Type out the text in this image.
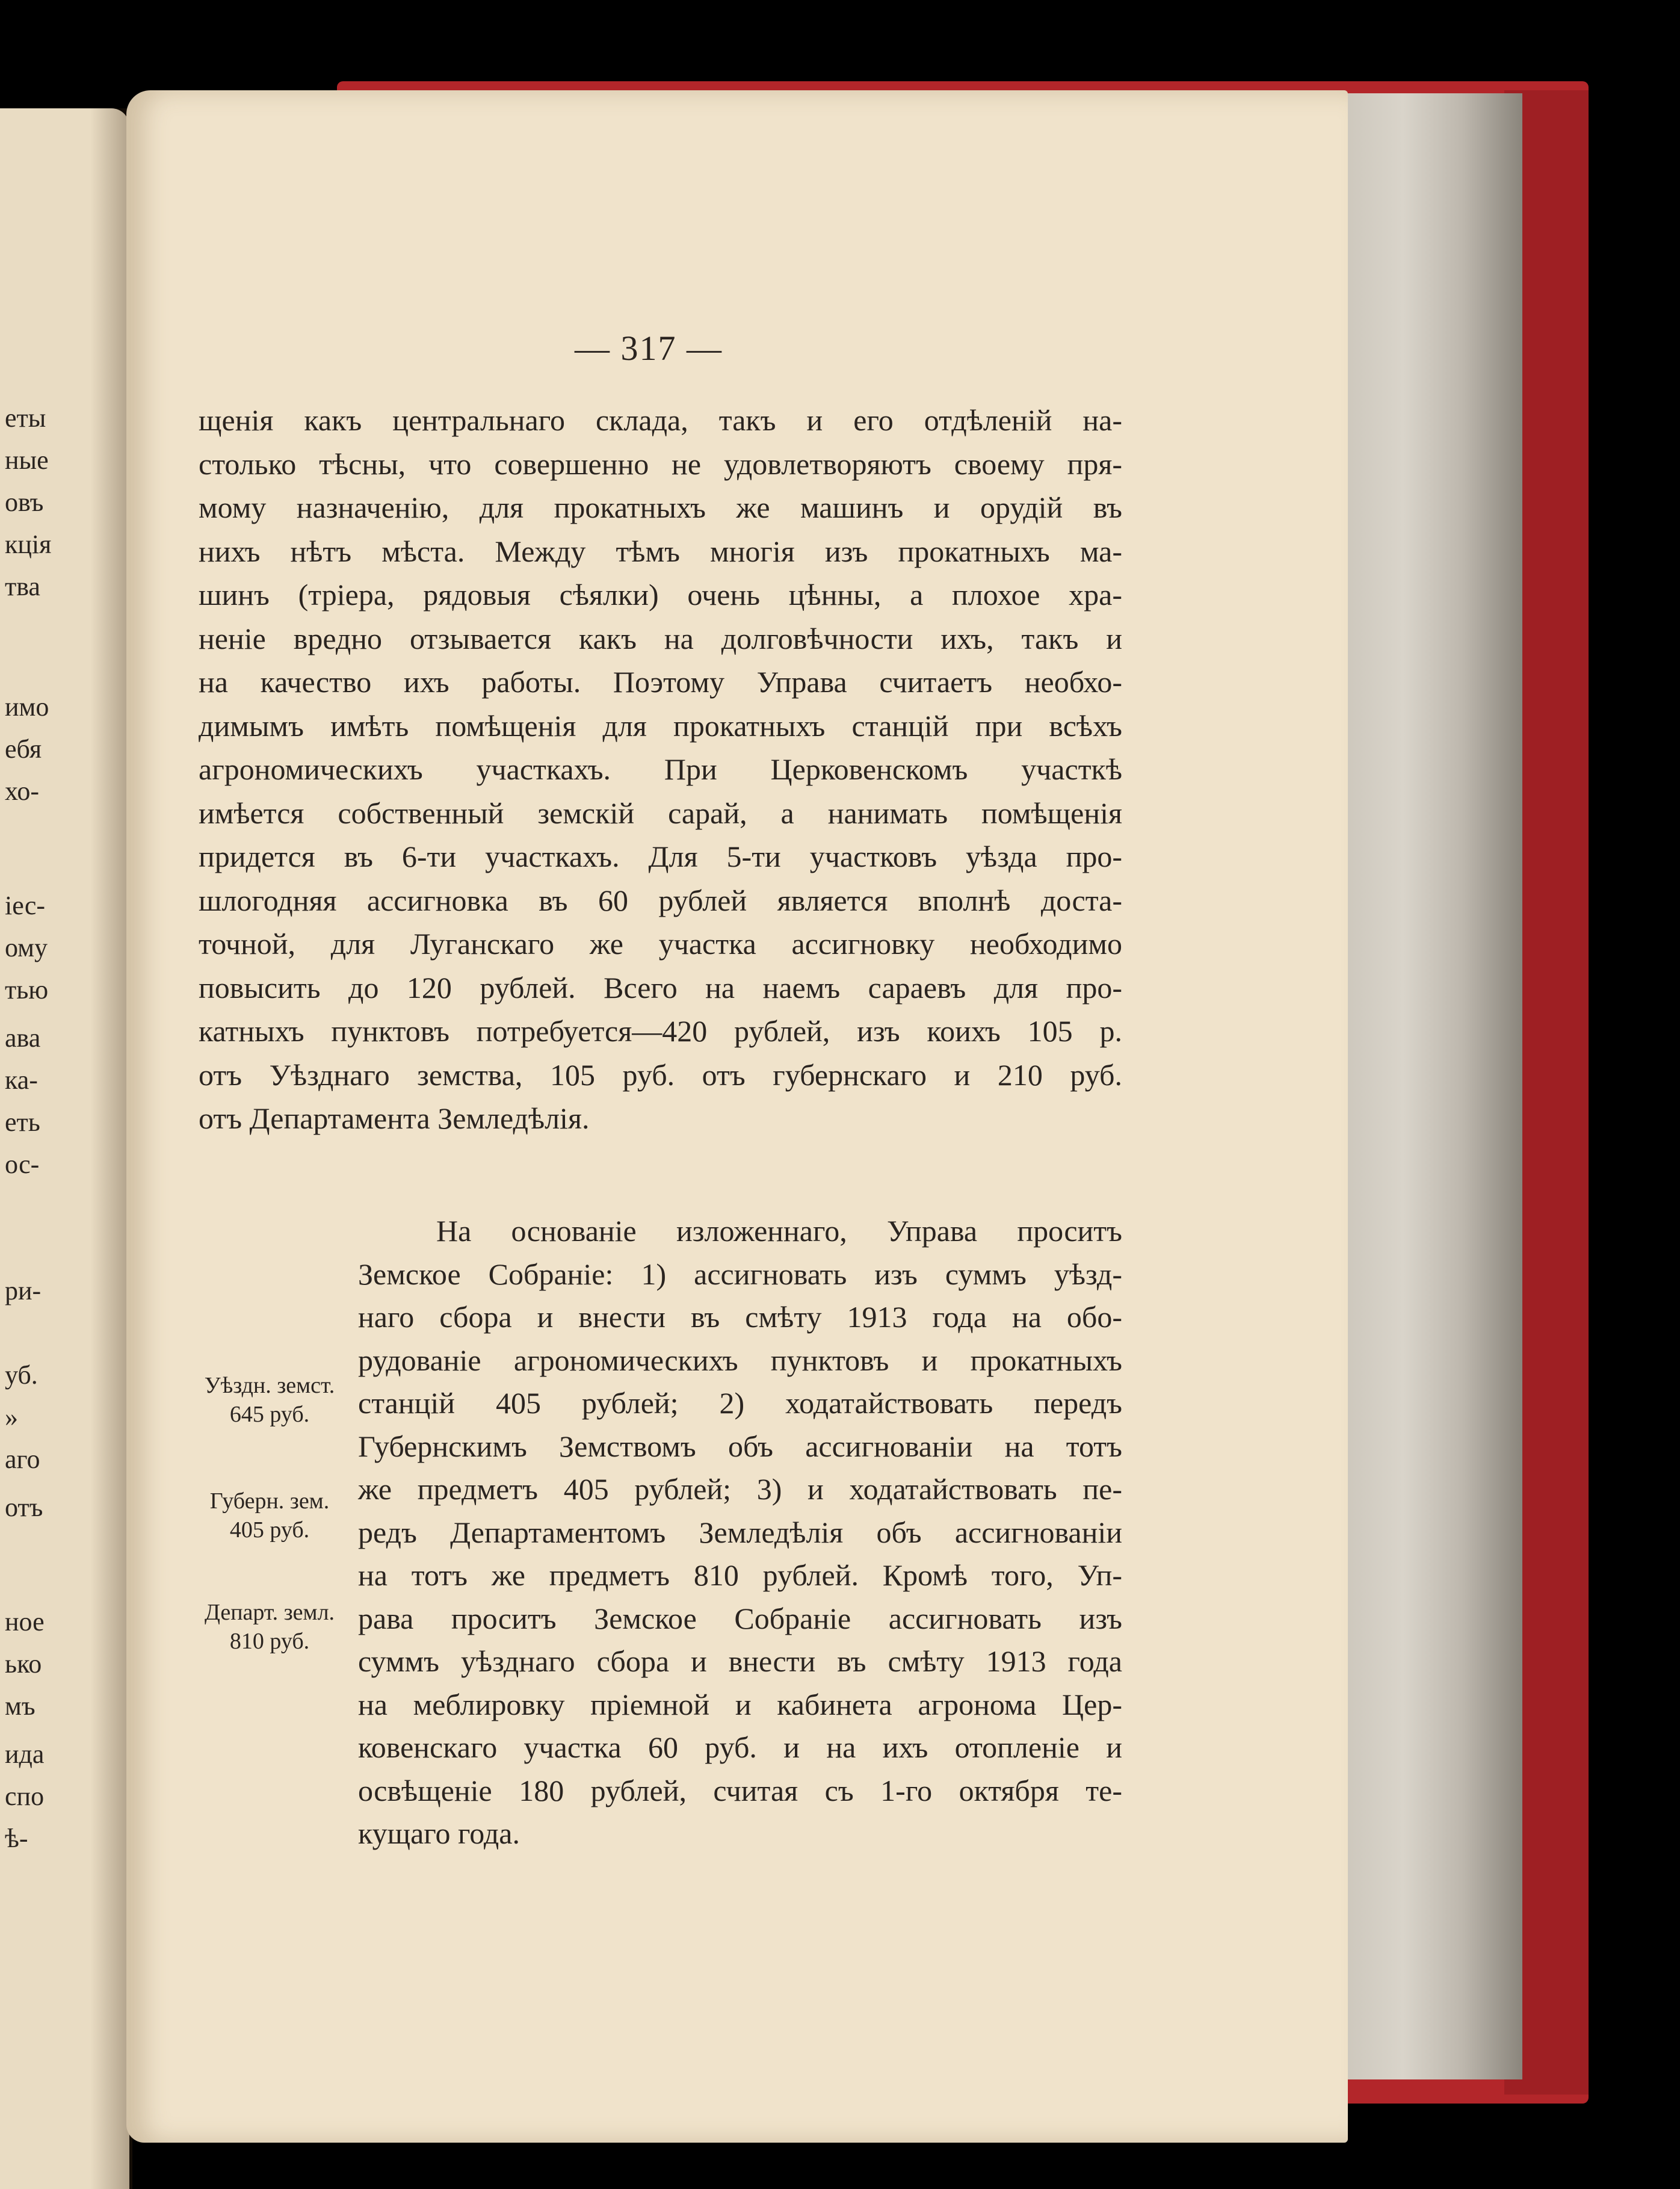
еты
ные
овъ
кція
тва
имо
ебя
хо-
іес-
ому
тью
ава
ка-
еть
ос-
ри-
уб.
»
аго
отъ
ное
ько
мъ
ида
спо
ѣ-
— 317 —
щенія какъ центральнаго склада, такъ и его отдѣленій на-
столько тѣсны, что совершенно не удовлетворяютъ своему пря-
мому назначенію, для прокатныхъ же машинъ и орудій въ
нихъ нѣтъ мѣста. Между тѣмъ многія изъ прокатныхъ ма-
шинъ (тріера, рядовыя сѣялки) очень цѣнны, а плохое хра-
неніе вредно отзывается какъ на долговѣчности ихъ, такъ и
на качество ихъ работы. Поэтому Управа считаетъ необхо-
димымъ имѣть помѣщенія для прокатныхъ станцій при всѣхъ
агрономическихъ участкахъ. При Церковенскомъ участкѣ
имѣется собственный земскій сарай, а нанимать помѣщенія
придется въ 6-ти участкахъ. Для 5-ти участковъ уѣзда про-
шлогодняя ассигновка въ 60 рублей является вполнѣ доста-
точной, для Луганскаго же участка ассигновку необходимо
повысить до 120 рублей. Всего на наемъ сараевъ для про-
катныхъ пунктовъ потребуется—420 рублей, изъ коихъ 105 р.
отъ Уѣзднаго земства, 105 руб. отъ губернскаго и 210 руб.
отъ Департамента Земледѣлія.
На основаніе изложеннаго, Управа проситъ
Земское Собраніе: 1) ассигновать изъ суммъ уѣзд-
наго сбора и внести въ смѣту 1913 года на обо-
рудованіе агрономическихъ пунктовъ и прокатныхъ
станцій 405 рублей; 2) ходатайствовать передъ
Губернскимъ Земствомъ объ ассигнованіи на тотъ
же предметъ 405 рублей; 3) и ходатайствовать пе-
редъ Департаментомъ Земледѣлія объ ассигнованіи
на тотъ же предметъ 810 рублей. Кромѣ того, Уп-
рава проситъ Земское Собраніе ассигновать изъ
суммъ уѣзднаго сбора и внести въ смѣту 1913 года
на меблировку пріемной и кабинета агронома Цер-
ковенскаго участка 60 руб. и на ихъ отопленіе и
освѣщеніе 180 рублей, считая съ 1-го октября те-
кущаго года.
Уѣздн. земст.
645 руб.
Губерн. зем.
405 руб.
Департ. земл.
810 руб.
